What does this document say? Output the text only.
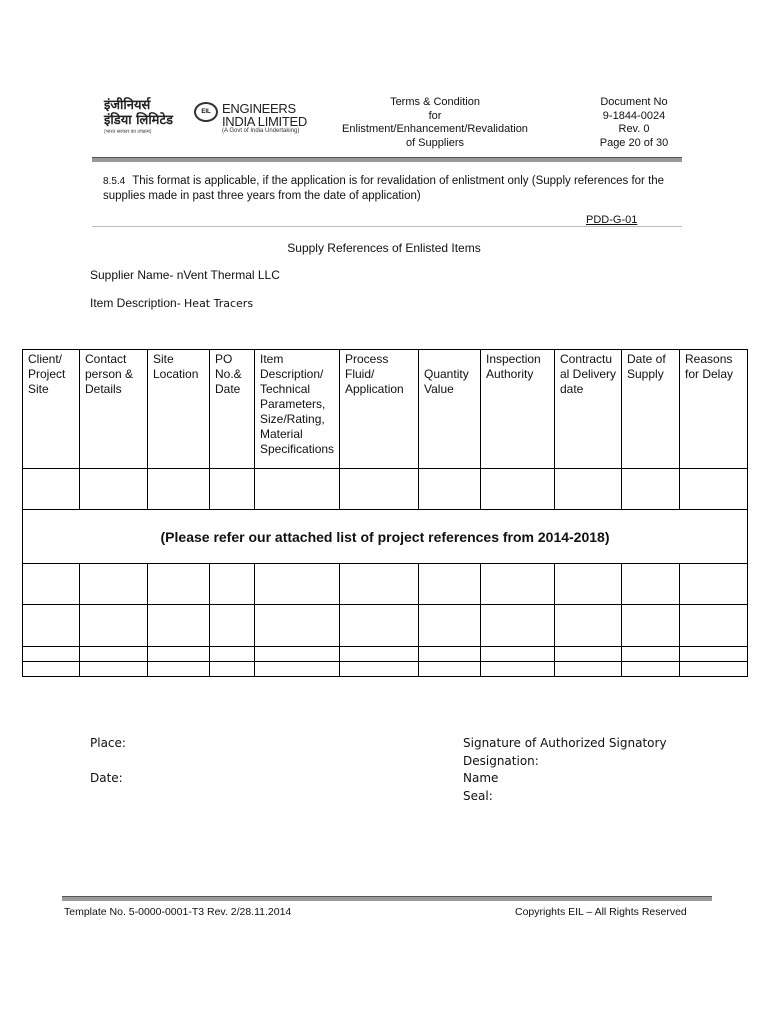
इंजीनियर्स
इंडिया लिमिटेड
(भारत सरकार का उपक्रम)
EIL ENGINEERS
INDIA LIMITED
(A Govt of India Undertaking)
Terms & Condition
for
Enlistment/Enhancement/Revalidation
of Suppliers
Document No
9-1844-0024
Rev. 0
Page 20 of 30
8.5.4 This format is applicable, if the application is for revalidation of enlistment only (Supply references for the supplies made in past three years from the date of application)
PDD-G-01
Supply References of Enlisted Items
Supplier Name- nVent Thermal LLC
Item Description- Heat Tracers
Client/ Project Site	Contact person & Details	Site Location	PO No.& Date	Item Description/ Technical Parameters, Size/Rating, Material Specifications	Process Fluid/ Application	Quantity Value	Inspection Authority	Contractual Delivery date	Date of Supply	Reasons for Delay

(Please refer our attached list of project references from 2014-2018)										

Place:
Date:
Signature of Authorized Signatory
Designation:
Name
Seal:
Template No. 5-0000-0001-T3 Rev. 2/28.11.2014	Copyrights EIL – All Rights Reserved
